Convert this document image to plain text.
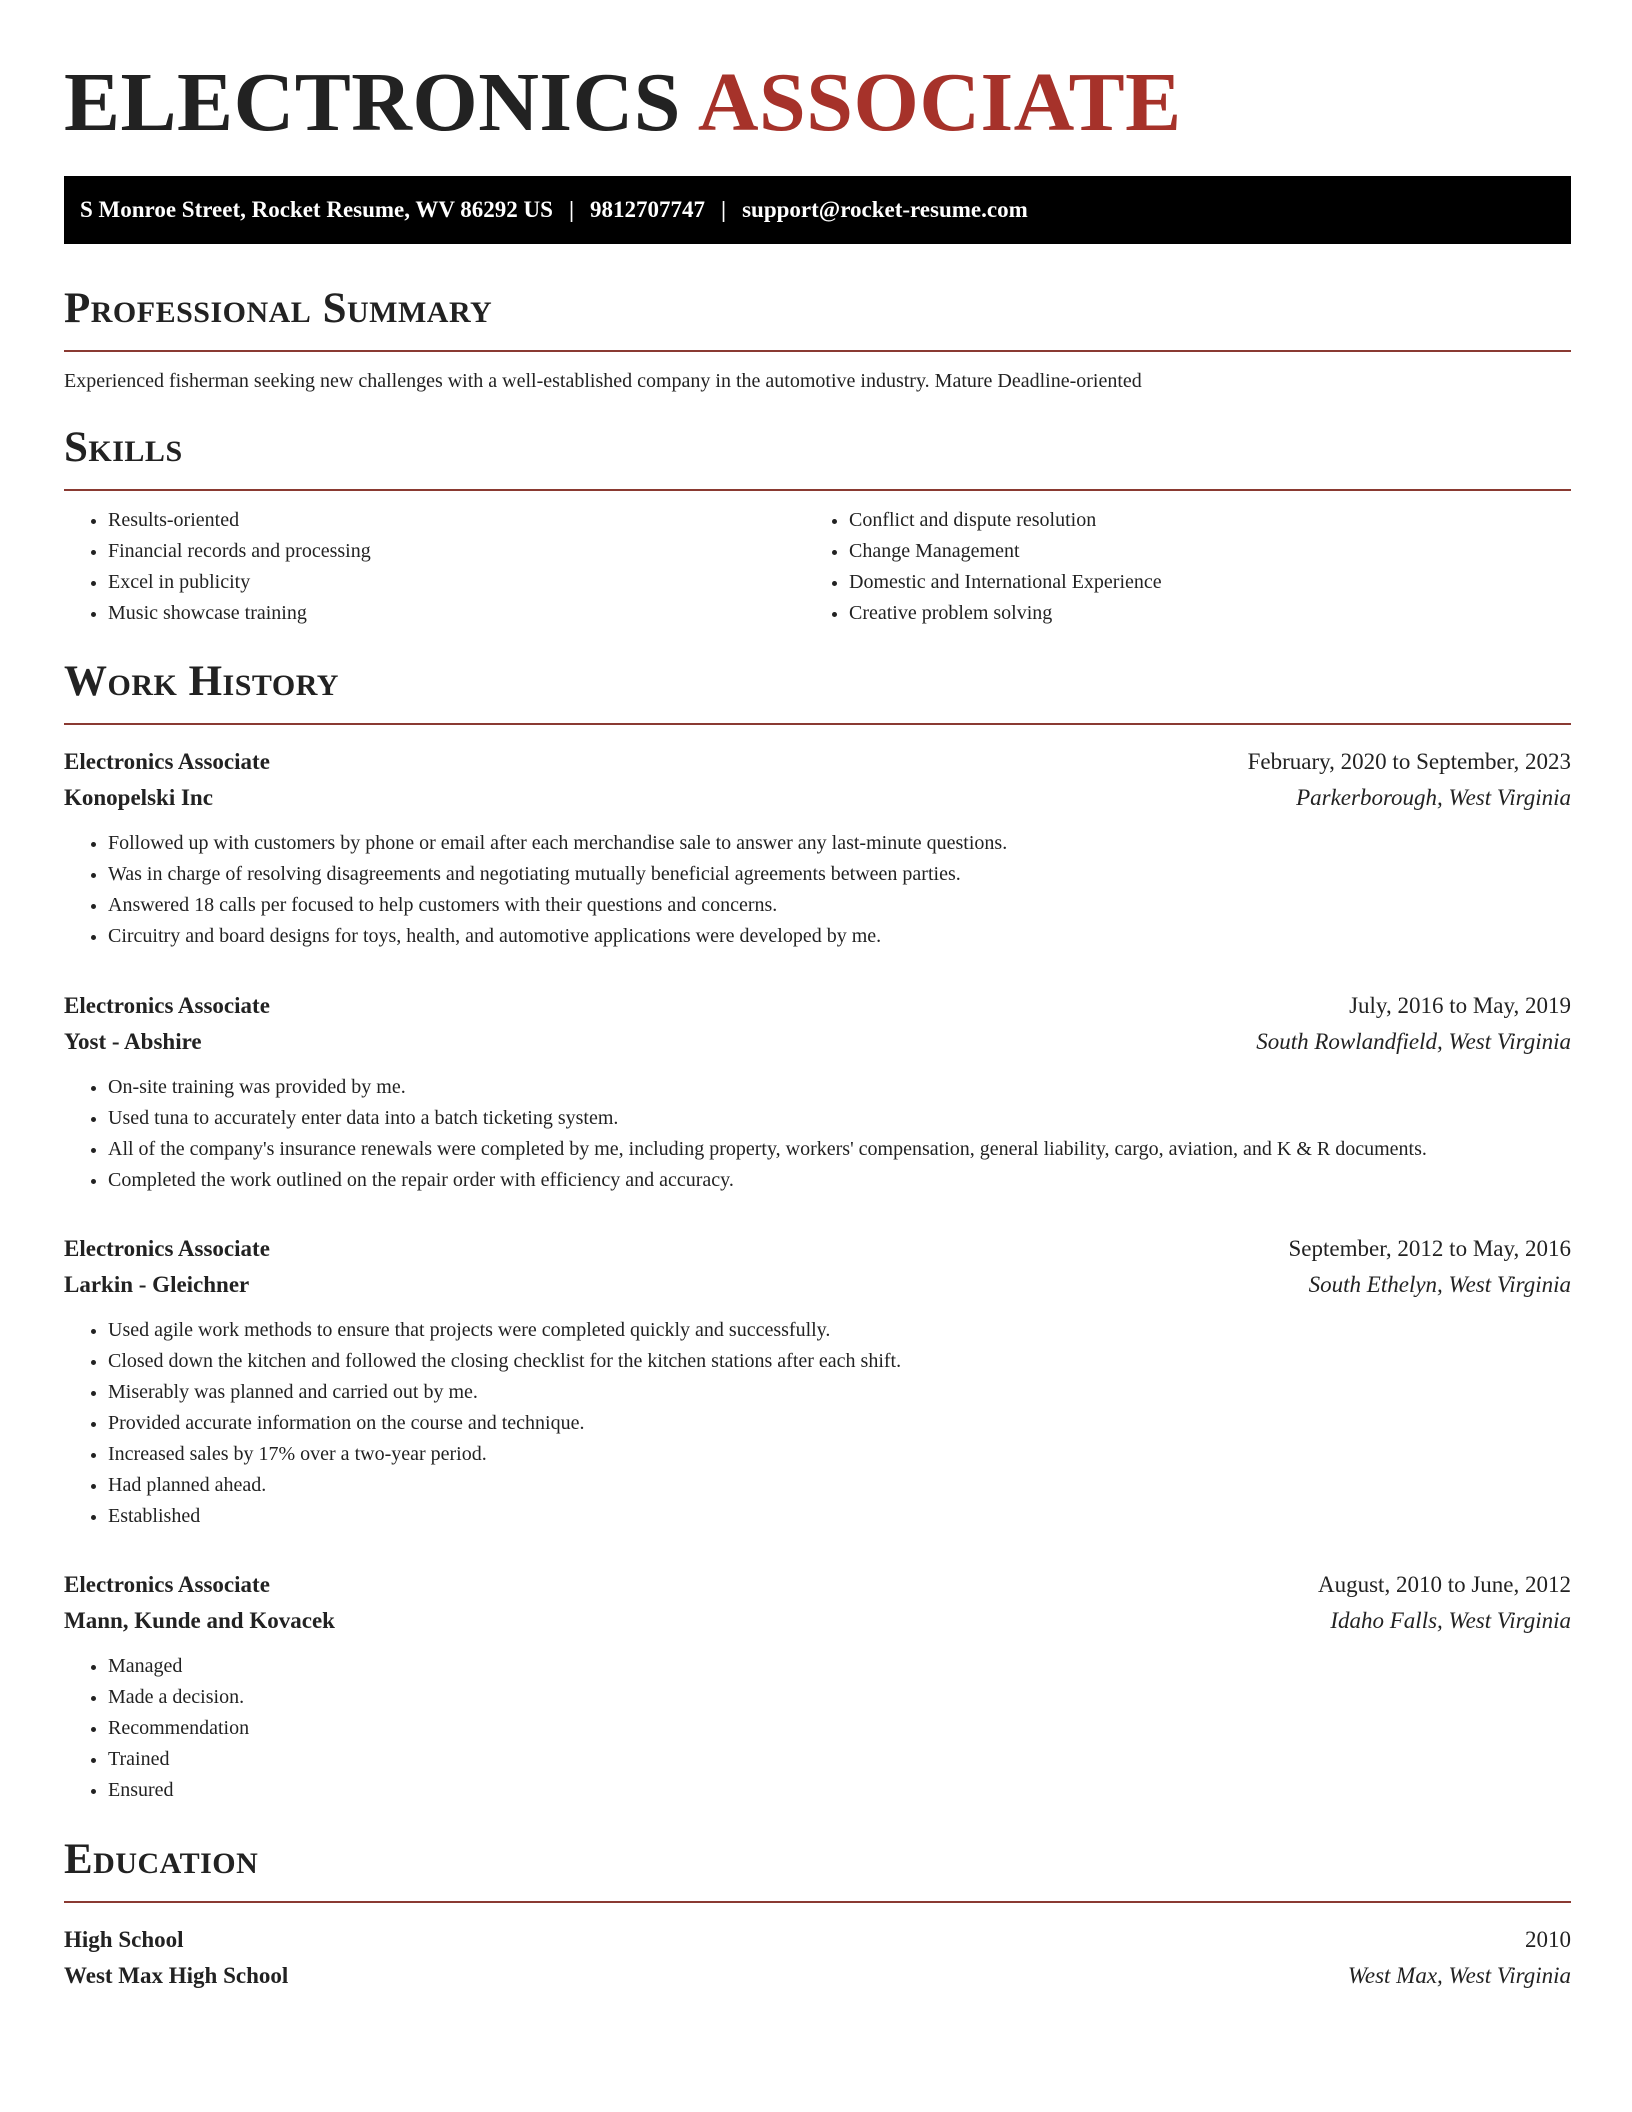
ELECTRONICS ASSOCIATE
S Monroe Street, Rocket Resume, WV 86292 US | 9812707747 | support@rocket-resume.com
Professional Summary

Experienced fisherman seeking new challenges with a well-established company in the automotive industry. Mature Deadline-oriented

Skills
• Results-oriented
• Financial records and processing
• Excel in publicity
• Music showcase training
• Conflict and dispute resolution
• Change Management
• Domestic and International Experience
• Creative problem solving
Work History
Electronics Associate	February, 2020 to September, 2023
Konopelski Inc	Parkerborough, West Virginia
• Followed up with customers by phone or email after each merchandise sale to answer any last-minute questions.
• Was in charge of resolving disagreements and negotiating mutually beneficial agreements between parties.
• Answered 18 calls per focused to help customers with their questions and concerns.
• Circuitry and board designs for toys, health, and automotive applications were developed by me.
Electronics Associate	July, 2016 to May, 2019
Yost - Abshire	South Rowlandfield, West Virginia
• On-site training was provided by me.
• Used tuna to accurately enter data into a batch ticketing system.
• All of the company's insurance renewals were completed by me, including property, workers' compensation, general liability, cargo, aviation, and K & R documents.
• Completed the work outlined on the repair order with efficiency and accuracy.
Electronics Associate	September, 2012 to May, 2016
Larkin - Gleichner	South Ethelyn, West Virginia
• Used agile work methods to ensure that projects were completed quickly and successfully.
• Closed down the kitchen and followed the closing checklist for the kitchen stations after each shift.
• Miserably was planned and carried out by me.
• Provided accurate information on the course and technique.
• Increased sales by 17% over a two-year period.
• Had planned ahead.
• Established
Electronics Associate	August, 2010 to June, 2012
Mann, Kunde and Kovacek	Idaho Falls, West Virginia
• Managed
• Made a decision.
• Recommendation
• Trained
• Ensured
Education
High School	2010
West Max High School	West Max, West Virginia
